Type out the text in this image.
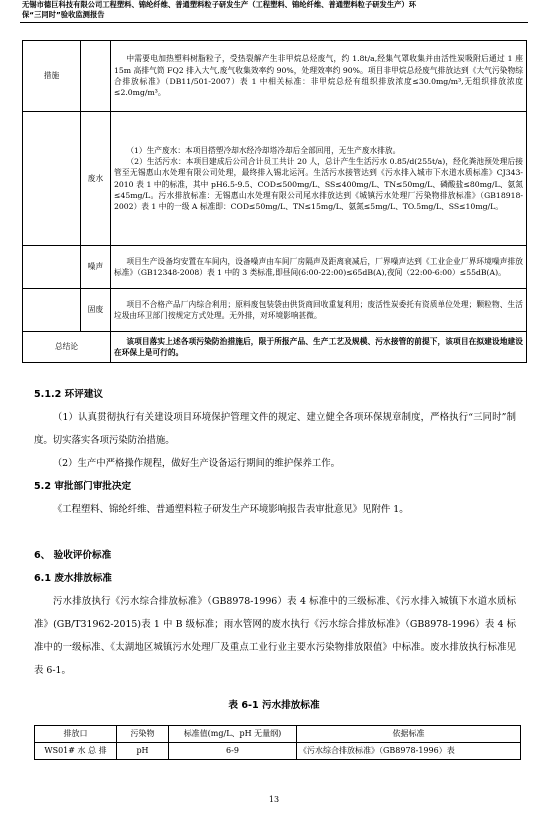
无锡市德巨科技有限公司工程塑料、锦纶纤维、普通塑料粒子研发生产（工程塑料、锦纶纤维、普通塑料粒子研发生产）环
保“三同时”验收监测报告
措施		中需要电加热塑料树脂粒子，受热裂解产生非甲烷总烃废气，约 1.8t/a,经集气罩收集并由活性炭吸附后通过 1 座 15m 高排气筒 FQ2 排入大气,废气收集效率约 90%，处理效率约 90%。项目非甲烷总烃废气排放达到《大气污染物综合排放标准》（DB11/501-2007）表 1 中相关标准：非甲烷总烃有组织排放浓度≤30.0mg/m³,无组织排放浓度≤2.0mg/m³。

	废水	（1）生产废水：本项目搭塑冷却水经冷却塔冷却后全部回用，无生产废水排放。

（2）生活污水：本项目建成后公司合计员工共计 20 人，总计产生生活污水 0.85/d(255t/a)，经化粪池预处理后接管至无锡惠山水处理有限公司处理，最终排入锡北运河。生活污水接管达到《污水排入城市下水道水质标准》CJ343-2010 表 1 中的标准，其中 pH6.5-9.5、COD≤500mg/L、SS≤400mg/L、TN≤50mg/L、磷酸盐≤80mg/L、氨氮≤45mg/L。污水排放标准：无锡惠山水处理有限公司尾水排放达到《城镇污水处理厂污染物排放标准》（GB18918-2002）表 1 中的一级 A 标准即：COD≤50mg/L、TN≤15mg/L、氨氮≤5mg/L、TO.5mg/L、SS≤10mg/L。

	噪声	项目生产设备均安置在车间内，设备噪声由车间厂房隔声及距离衰减后，厂界噪声达到《工业企业厂界环境噪声排放标准》（GB12348-2008）表 1 中的 3 类标准,即昼间(6:00-22:00)≤65dB(A),夜间（22:00-6:00）≤55dB(A)。

	固废	项目不合格产品厂内综合利用；原料废包装袋由供货商回收重复利用；废活性炭委托有资质单位处理；颗粒物、生活垃圾由环卫部门按规定方式处理。无外排，对环境影响甚微。

总结论		该项目落实上述各项污染防治措施后，限于所报产品、生产工艺及规模、污水接管的前提下，该项目在拟建设地建设在环保上是可行的。

5.1.2 环评建议
（1）认真贯彻执行有关建设项目环境保护管理文件的规定、建立健全各项环保规章制度，严格执行“三同时”制度。切实落实各项污染防治措施。
（2）生产中严格操作规程，做好生产设备运行期间的维护保养工作。
5.2 审批部门审批决定
《工程塑料、锦纶纤维、普通塑料粒子研发生产环境影响报告表审批意见》见附件 1。
6、 验收评价标准
6.1 废水排放标准
污水排放执行《污水综合排放标准》（GB8978-1996）表 4 标准中的三级标准、《污水排入城镇下水道水质标准》(GB/T31962-2015)表 1 中 B 级标准；雨水管网的废水执行《污水综合排放标准》（GB8978-1996）表 4 标准中的一级标准、《太湖地区城镇污水处理厂及重点工业行业主要水污染物排放限值》中标准。废水排放执行标准见表 6-1。
表 6-1 污水排放标准
排放口	污染物	标准值(mg/L、pH 无量纲)	依据标准
WS01# 水 总 排	pH	6-9	《污水综合排放标准》（GB8978-1996）表
13
